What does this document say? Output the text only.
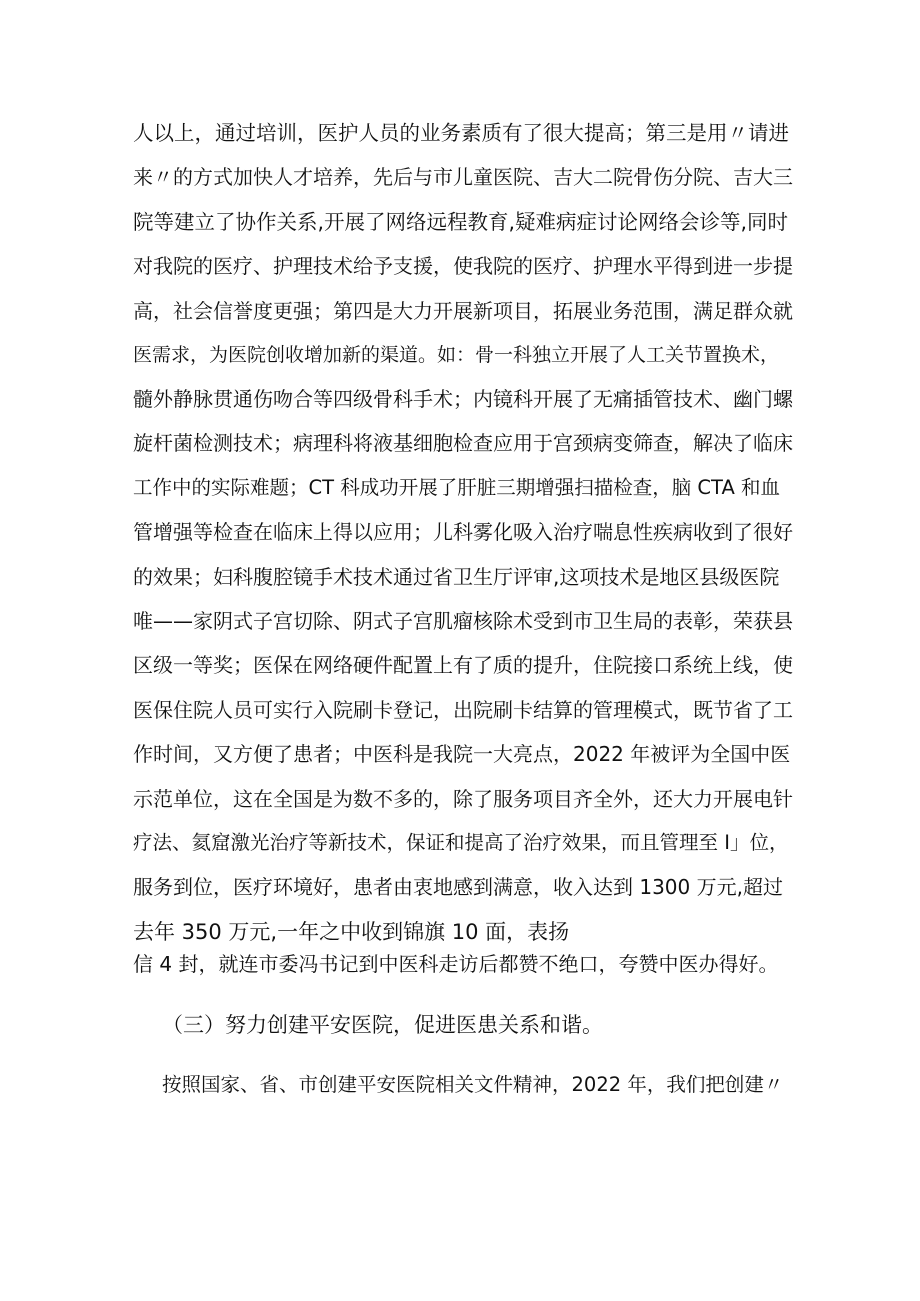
人以上，通过培训，医护人员的业务素质有了很大提高；第三是用〃请进
来〃的方式加快人才培养，先后与市儿童医院、吉大二院骨伤分院、吉大三
院等建立了协作关系,开展了网络远程教育,疑难病症讨论网络会诊等,同时
对我院的医疗、护理技术给予支援，使我院的医疗、护理水平得到进一步提
高，社会信誉度更强；第四是大力开展新项目，拓展业务范围，满足群众就
医需求，为医院创收增加新的渠道。如：骨一科独立开展了人工关节置换术，
髓外静脉贯通伤吻合等四级骨科手术；内镜科开展了无痛插管技术、幽门螺
旋杆菌检测技术；病理科将液基细胞检查应用于宫颈病变筛查，解决了临床
工作中的实际难题；CT 科成功开展了肝脏三期增强扫描检查，脑 CTA 和血
管增强等检查在临床上得以应用；儿科雾化吸入治疗喘息性疾病收到了很好
的效果；妇科腹腔镜手术技术通过省卫生厅评审,这项技术是地区县级医院
唯——家阴式子宫切除、阴式子宫肌瘤核除术受到市卫生局的表彰，荣获县
区级一等奖；医保在网络硬件配置上有了质的提升，住院接口系统上线，使
医保住院人员可实行入院刷卡登记，出院刷卡结算的管理模式，既节省了工
作时间，又方便了患者；中医科是我院一大亮点，2022 年被评为全国中医
示范单位，这在全国是为数不多的，除了服务项目齐全外，还大力开展电针
疗法、氦窟激光治疗等新技术，保证和提高了治疗效果，而且管理至 I」位，
服务到位，医疗环境好，患者由衷地感到满意，收入达到 1300 万元,超过
去年 350 万元,一年之中收到锦旗 10 面，表扬
信 4 封，就连市委冯书记到中医科走访后都赞不绝口，夸赞中医办得好。
（三）努力创建平安医院，促进医患关系和谐。
按照国家、省、市创建平安医院相关文件精神，2022 年，我们把创建〃
